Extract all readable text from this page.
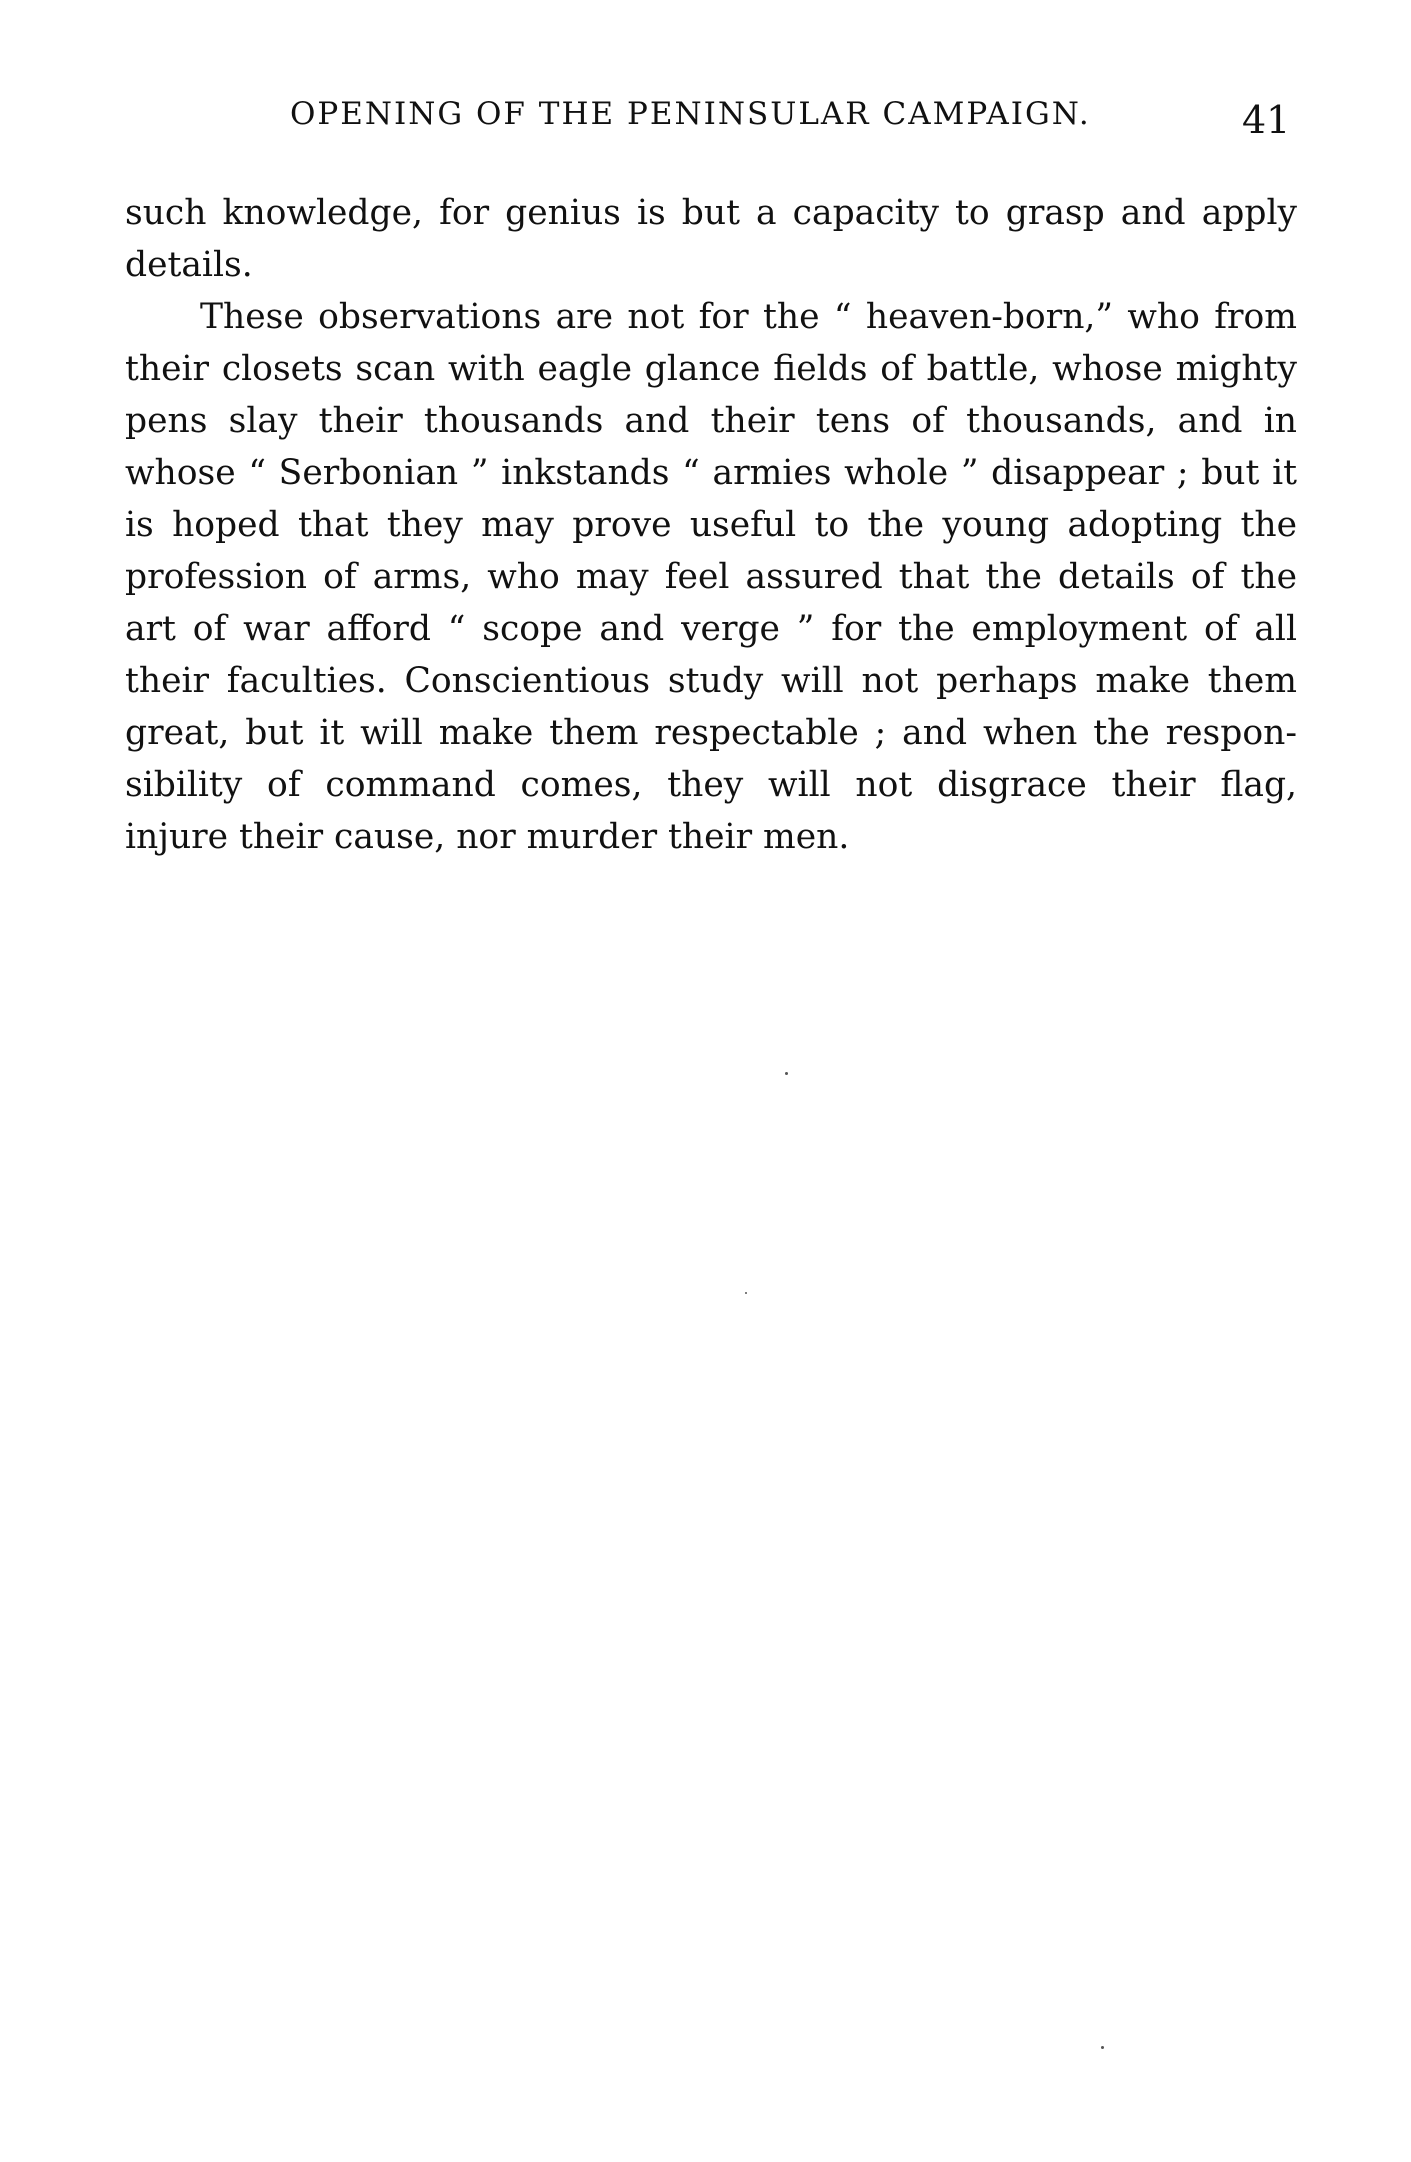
OPENING OF THE PENINSULAR CAMPAIGN.	41
such knowledge, for genius is but a capacity to grasp and apply
details.
These observations are not for the “ heaven-born,” who from
their closets scan with eagle glance fields of battle, whose mighty
pens slay their thousands and their tens of thousands, and in
whose “ Serbonian ” inkstands “ armies whole ” disappear ; but it
is hoped that they may prove useful to the young adopting the
profession of arms, who may feel assured that the details of the
art of war afford “ scope and verge ” for the employment of all
their faculties. Conscientious study will not perhaps make them
great, but it will make them respectable ; and when the respon-
sibility of command comes, they will not disgrace their flag,
injure their cause, nor murder their men.
